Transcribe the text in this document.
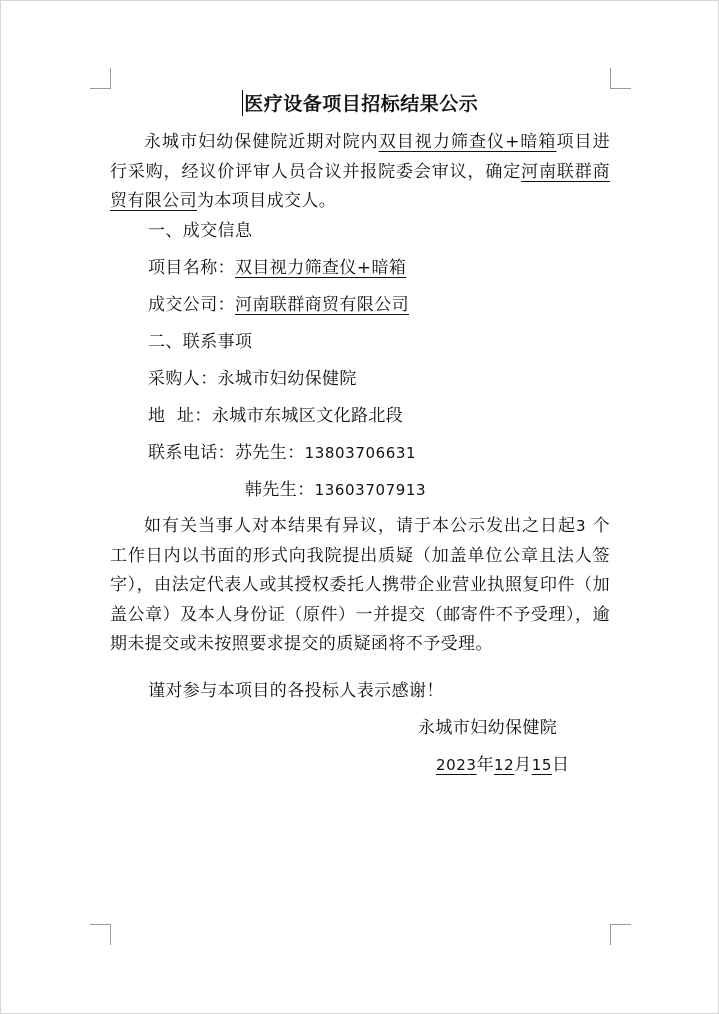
医疗设备项目招标结果公示
永城市妇幼保健院近期对院内双目视力筛查仪+暗箱项目进行采购，经议价评审人员合议并报院委会审议，确定河南联群商贸有限公司为本项目成交人。
一、成交信息
项目名称：双目视力筛查仪+暗箱
成交公司：河南联群商贸有限公司
二、联系事项
采购人：永城市妇幼保健院
地  址：永城市东城区文化路北段
联系电话：苏先生：13803706631
韩先生：13603707913
如有关当事人对本结果有异议，请于本公示发出之日起3 个工作日内以书面的形式向我院提出质疑（加盖单位公章且法人签字），由法定代表人或其授权委托人携带企业营业执照复印件（加盖公章）及本人身份证（原件）一并提交（邮寄件不予受理），逾期未提交或未按照要求提交的质疑函将不予受理。
谨对参与本项目的各投标人表示感谢！
永城市妇幼保健院
2023年12月15日
